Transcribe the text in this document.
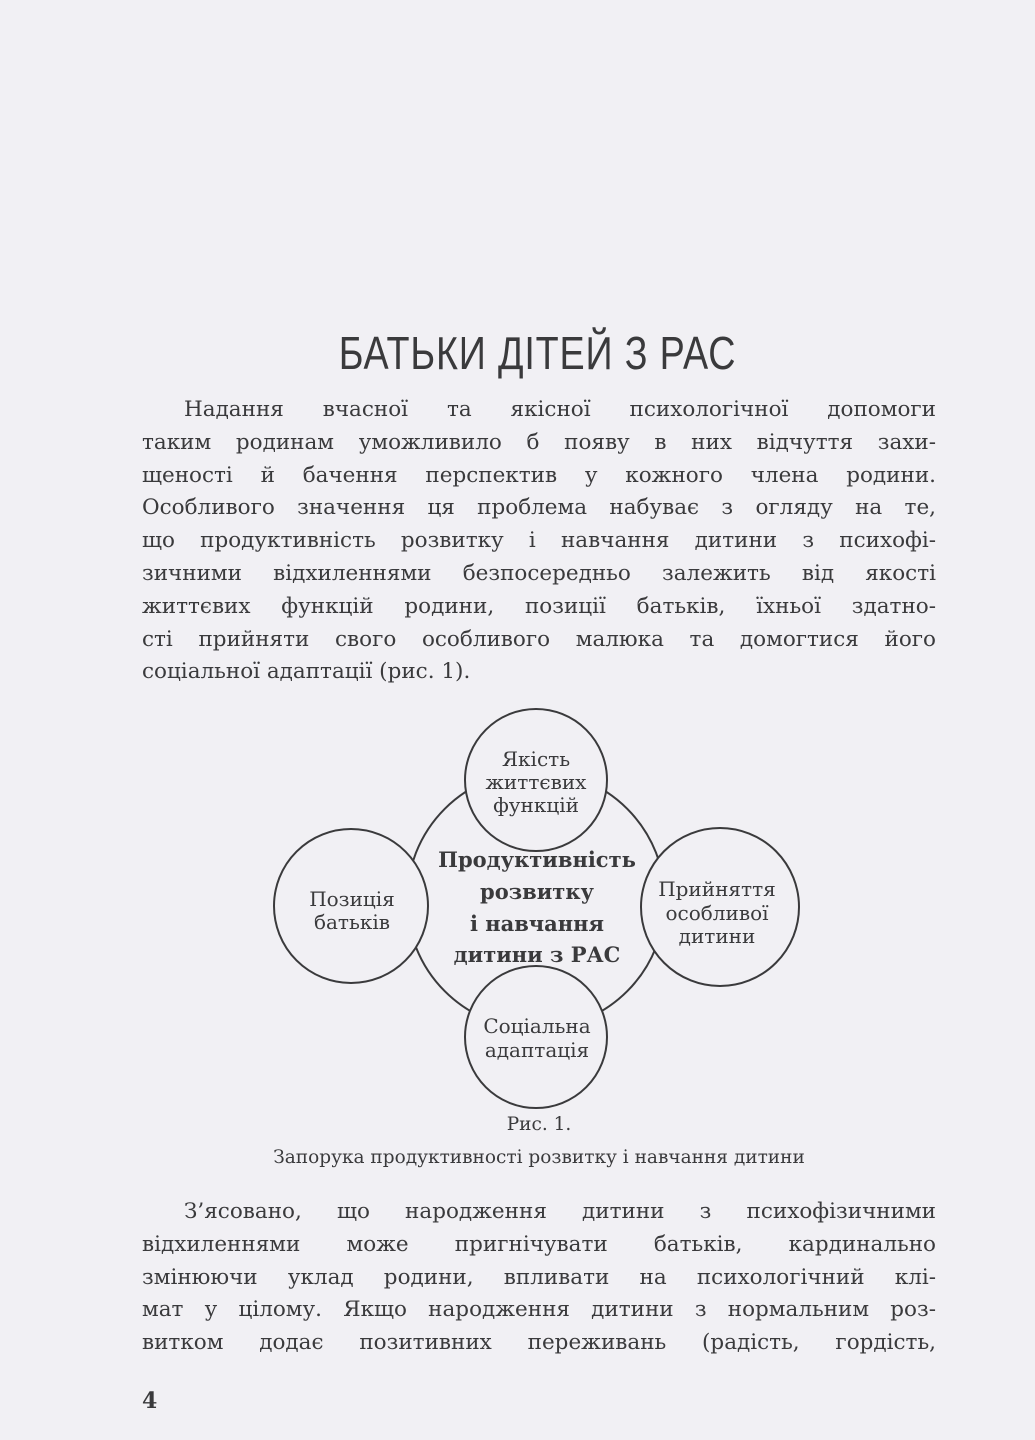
БАТЬКИ ДІТЕЙ З РАС
Надання вчасної та якісної психологічної допомоги
таким родинам уможливило б появу в них відчуття захи-
щеності й бачення перспектив у кожного члена родини.
Особливого значення ця проблема набуває з огляду на те,
що продуктивність розвитку і навчання дитини з психофі-
зичними відхиленнями безпосередньо залежить від якості
життєвих функцій родини, позиції батьків, їхньої здатно-
сті прийняти свого особливого малюка та домогтися його
соціальної адаптації (рис. 1).
Продуктивність
розвитку
і навчання
дитини з РАС
Якість
життєвих
функцій
Позиція
батьків
Прийняття
особливої
дитини
Соціальна
адаптація
Рис. 1.
Запорука продуктивності розвитку і навчання дитини
З’ясовано, що народження дитини з психофізичними
відхиленнями може пригнічувати батьків, кардинально
змінюючи уклад родини, впливати на психологічний клі-
мат у цілому. Якщо народження дитини з нормальним роз-
витком додає позитивних переживань (радість, гордість,
4
